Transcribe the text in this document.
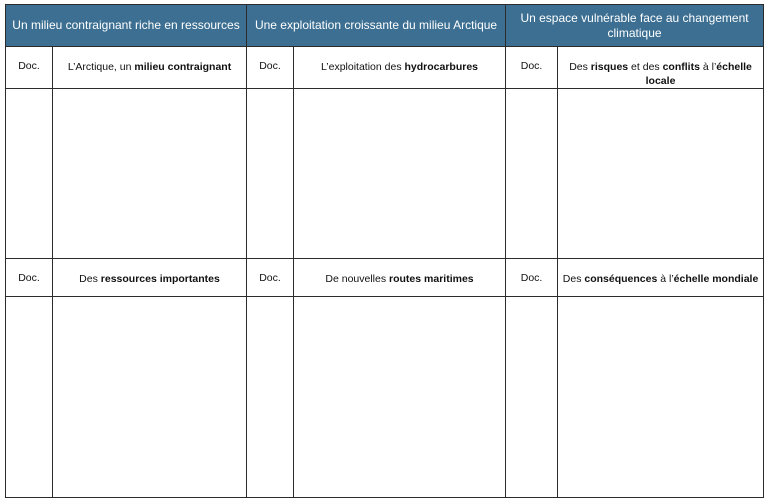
Un milieu contraignant riche en ressources		Une exploitation croissante du milieu Arctique		Un espace vulnérable face au changement climatique	
Doc.	L’Arctique, un milieu contraignant	Doc.	L’exploitation des hydrocarbures	Doc.	Des risques et des conflits à l’échelle locale

Doc.	Des ressources importantes	Doc.	De nouvelles routes maritimes	Doc.	Des conséquences à l’échelle mondiale
